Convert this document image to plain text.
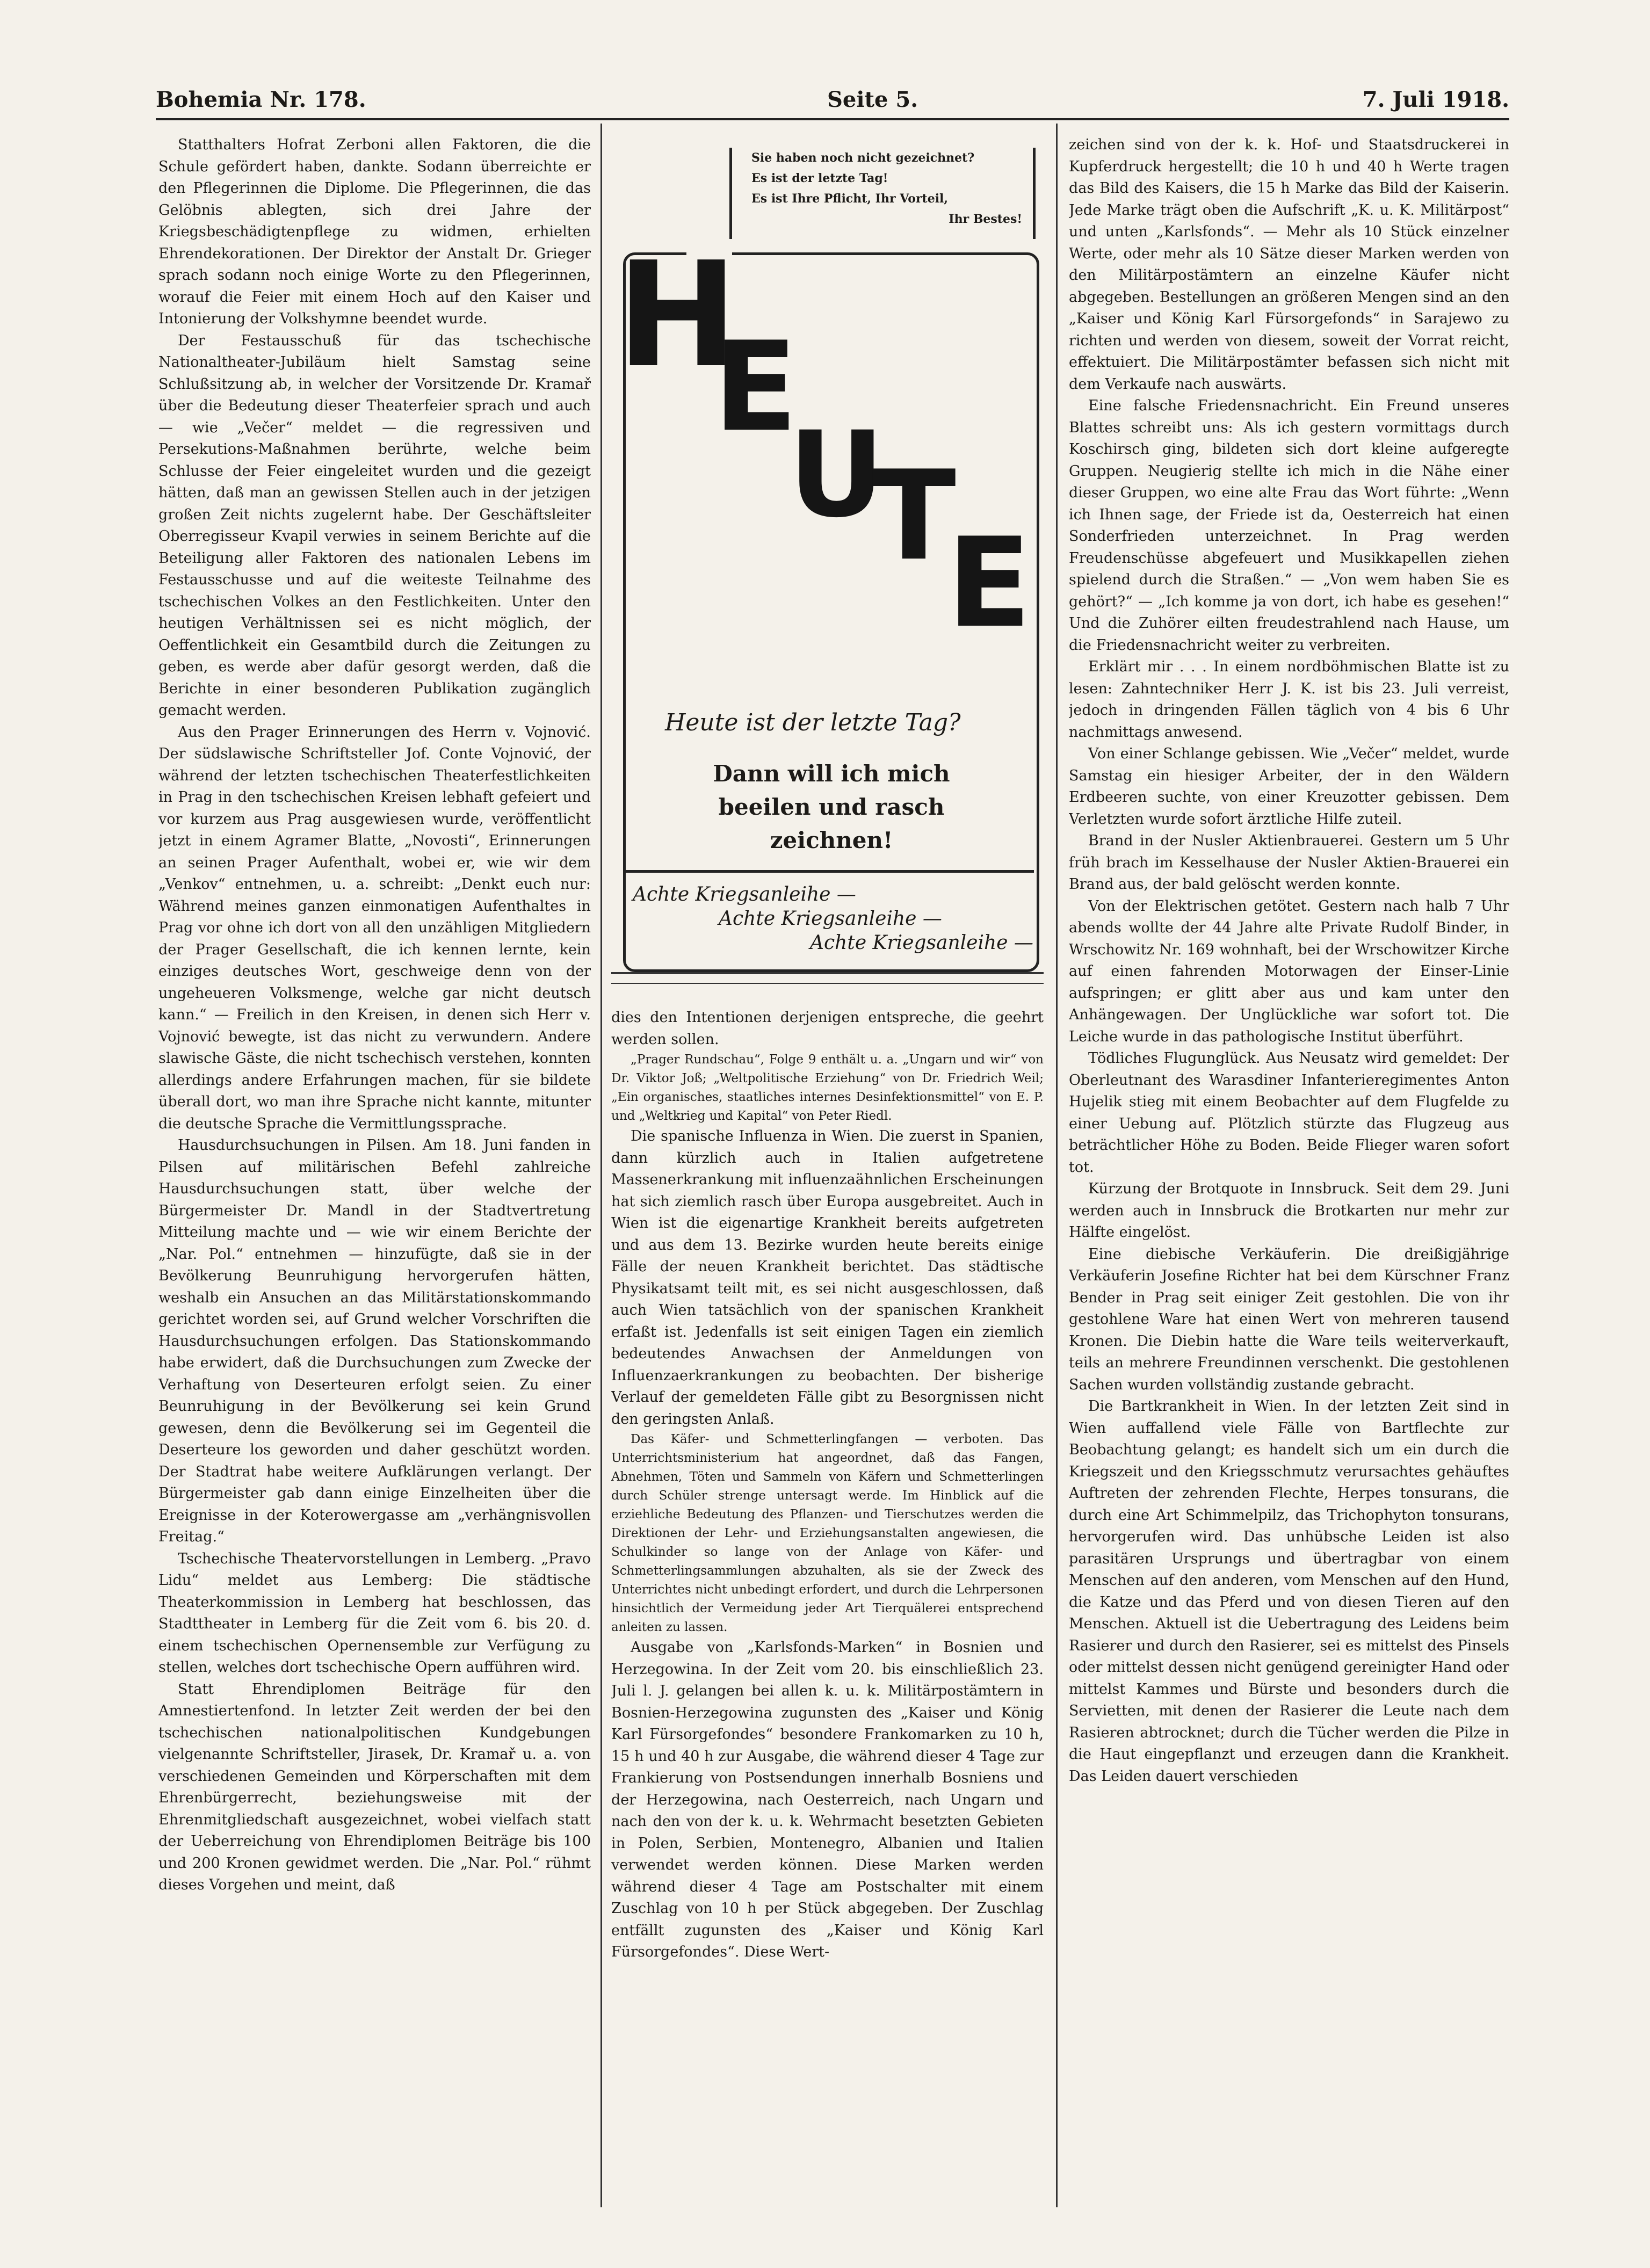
Bohemia Nr. 178.	Seite 5.	7. Juli 1918.

Statthalters Hofrat Zerboni allen Faktoren, die die Schule gefördert haben, dankte. Sodann überreichte er den Pflegerinnen die Diplome. Die Pflegerinnen, die das Gelöbnis ablegten, sich drei Jahre der Kriegsbeschädigtenpflege zu widmen, erhielten Ehrendekorationen. Der Direktor der Anstalt Dr. Grieger sprach sodann noch einige Worte zu den Pflegerinnen, worauf die Feier mit einem Hoch auf den Kaiser und Intonierung der Volkshymne beendet wurde.

Der Festausschuß für das tschechische Nationaltheater-Jubiläum hielt Samstag seine Schlußsitzung ab, in welcher der Vorsitzende Dr. Kramař über die Bedeutung dieser Theaterfeier sprach und auch — wie „Večer“ meldet — die regressiven und Persekutions-Maßnahmen berührte, welche beim Schlusse der Feier eingeleitet wurden und die gezeigt hätten, daß man an gewissen Stellen auch in der jetzigen großen Zeit nichts zugelernt habe. Der Geschäftsleiter Oberregisseur Kvapil verwies in seinem Berichte auf die Beteiligung aller Faktoren des nationalen Lebens im Festausschusse und auf die weiteste Teilnahme des tschechischen Volkes an den Festlichkeiten. Unter den heutigen Verhältnissen sei es nicht möglich, der Oeffentlichkeit ein Gesamtbild durch die Zeitungen zu geben, es werde aber dafür gesorgt werden, daß die Berichte in einer besonderen Publikation zugänglich gemacht werden.

Aus den Prager Erinnerungen des Herrn v. Vojnović. Der südslawische Schriftsteller Jof. Conte Vojnović, der während der letzten tschechischen Theaterfestlichkeiten in Prag in den tschechischen Kreisen lebhaft gefeiert und vor kurzem aus Prag ausgewiesen wurde, veröffentlicht jetzt in einem Agramer Blatte, „Novosti“, Erinnerungen an seinen Prager Aufenthalt, wobei er, wie wir dem „Venkov“ entnehmen, u. a. schreibt: „Denkt euch nur: Während meines ganzen einmonatigen Aufenthaltes in Prag vor ohne ich dort von all den unzähligen Mitgliedern der Prager Gesellschaft, die ich kennen lernte, kein einziges deutsches Wort, geschweige denn von der ungeheueren Volksmenge, welche gar nicht deutsch kann.“ — Freilich in den Kreisen, in denen sich Herr v. Vojnović bewegte, ist das nicht zu verwundern. Andere slawische Gäste, die nicht tschechisch verstehen, konnten allerdings andere Erfahrungen machen, für sie bildete überall dort, wo man ihre Sprache nicht kannte, mitunter die deutsche Sprache die Vermittlungssprache.

Hausdurchsuchungen in Pilsen. Am 18. Juni fanden in Pilsen auf militärischen Befehl zahlreiche Hausdurchsuchungen statt, über welche der Bürgermeister Dr. Mandl in der Stadtvertretung Mitteilung machte und — wie wir einem Berichte der „Nar. Pol.“ entnehmen — hinzufügte, daß sie in der Bevölkerung Beunruhigung hervorgerufen hätten, weshalb ein Ansuchen an das Militärstationskommando gerichtet worden sei, auf Grund welcher Vorschriften die Hausdurchsuchungen erfolgen. Das Stationskommando habe erwidert, daß die Durchsuchungen zum Zwecke der Verhaftung von Deserteuren erfolgt seien. Zu einer Beunruhigung in der Bevölkerung sei kein Grund gewesen, denn die Bevölkerung sei im Gegenteil die Deserteure los geworden und daher geschützt worden. Der Stadtrat habe weitere Aufklärungen verlangt. Der Bürgermeister gab dann einige Einzelheiten über die Ereignisse in der Koterowergasse am „verhängnisvollen Freitag.“

Tschechische Theatervorstellungen in Lemberg. „Pravo Lidu“ meldet aus Lemberg: Die städtische Theaterkommission in Lemberg hat beschlossen, das Stadttheater in Lemberg für die Zeit vom 6. bis 20. d. einem tschechischen Opernensemble zur Verfügung zu stellen, welches dort tschechische Opern aufführen wird.

Statt Ehrendiplomen Beiträge für den Amnestiertenfond. In letzter Zeit werden der bei den tschechischen nationalpolitischen Kundgebungen vielgenannte Schriftsteller, Jirasek, Dr. Kramař u. a. von verschiedenen Gemeinden und Körperschaften mit dem Ehrenbürgerrecht, beziehungsweise mit der Ehrenmitgliedschaft ausgezeichnet, wobei vielfach statt der Ueberreichung von Ehrendiplomen Beiträge bis 100 und 200 Kronen gewidmet werden. Die „Nar. Pol.“ rühmt dieses Vorgehen und meint, daß

Sie haben noch nicht gezeichnet?
Es ist der letzte Tag!
Es ist Ihre Pflicht, Ihr Vorteil,
Ihr Bestes!
H
E
U
T
E
Heute ist der letzte Tag?
Dann will ich mich beeilen und rasch zeichnen!
Achte Kriegsanleihe —
Achte Kriegsanleihe —
Achte Kriegsanleihe —

dies den Intentionen derjenigen entspreche, die geehrt werden sollen.

„Prager Rundschau“, Folge 9 enthält u. a. „Ungarn und wir“ von Dr. Viktor Joß; „Weltpolitische Erziehung“ von Dr. Friedrich Weil; „Ein organisches, staatliches internes Desinfektionsmittel“ von E. P. und „Weltkrieg und Kapital“ von Peter Riedl.

Die spanische Influenza in Wien. Die zuerst in Spanien, dann kürzlich auch in Italien aufgetretene Massenerkrankung mit influenzaähnlichen Erscheinungen hat sich ziemlich rasch über Europa ausgebreitet. Auch in Wien ist die eigenartige Krankheit bereits aufgetreten und aus dem 13. Bezirke wurden heute bereits einige Fälle der neuen Krankheit berichtet. Das städtische Physikatsamt teilt mit, es sei nicht ausgeschlossen, daß auch Wien tatsächlich von der spanischen Krankheit erfaßt ist. Jedenfalls ist seit einigen Tagen ein ziemlich bedeutendes Anwachsen der Anmeldungen von Influenzaerkrankungen zu beobachten. Der bisherige Verlauf der gemeldeten Fälle gibt zu Besorgnissen nicht den geringsten Anlaß.

Das Käfer- und Schmetterlingfangen — verboten. Das Unterrichtsministerium hat angeordnet, daß das Fangen, Abnehmen, Töten und Sammeln von Käfern und Schmetterlingen durch Schüler strenge untersagt werde. Im Hinblick auf die erziehliche Bedeutung des Pflanzen- und Tierschutzes werden die Direktionen der Lehr- und Erziehungsanstalten angewiesen, die Schulkinder so lange von der Anlage von Käfer- und Schmetterlingsammlungen abzuhalten, als sie der Zweck des Unterrichtes nicht unbedingt erfordert, und durch die Lehrpersonen hinsichtlich der Vermeidung jeder Art Tierquälerei entsprechend anleiten zu lassen.

Ausgabe von „Karlsfonds-Marken“ in Bosnien und Herzegowina. In der Zeit vom 20. bis einschließlich 23. Juli l. J. gelangen bei allen k. u. k. Militärpostämtern in Bosnien-Herzegowina zugunsten des „Kaiser und König Karl Fürsorgefondes“ besondere Frankomarken zu 10 h, 15 h und 40 h zur Ausgabe, die während dieser 4 Tage zur Frankierung von Postsendungen innerhalb Bosniens und der Herzegowina, nach Oesterreich, nach Ungarn und nach den von der k. u. k. Wehrmacht besetzten Gebieten in Polen, Serbien, Montenegro, Albanien und Italien verwendet werden können. Diese Marken werden während dieser 4 Tage am Postschalter mit einem Zuschlag von 10 h per Stück abgegeben. Der Zuschlag entfällt zugunsten des „Kaiser und König Karl Fürsorgefondes“. Diese Wert-

zeichen sind von der k. k. Hof- und Staatsdruckerei in Kupferdruck hergestellt; die 10 h und 40 h Werte tragen das Bild des Kaisers, die 15 h Marke das Bild der Kaiserin. Jede Marke trägt oben die Aufschrift „K. u. K. Militärpost“ und unten „Karlsfonds“. — Mehr als 10 Stück einzelner Werte, oder mehr als 10 Sätze dieser Marken werden von den Militärpostämtern an einzelne Käufer nicht abgegeben. Bestellungen an größeren Mengen sind an den „Kaiser und König Karl Fürsorgefonds“ in Sarajewo zu richten und werden von diesem, soweit der Vorrat reicht, effektuiert. Die Militärpostämter befassen sich nicht mit dem Verkaufe nach auswärts.

Eine falsche Friedensnachricht. Ein Freund unseres Blattes schreibt uns: Als ich gestern vormittags durch Koschirsch ging, bildeten sich dort kleine aufgeregte Gruppen. Neugierig stellte ich mich in die Nähe einer dieser Gruppen, wo eine alte Frau das Wort führte: „Wenn ich Ihnen sage, der Friede ist da, Oesterreich hat einen Sonderfrieden unterzeichnet. In Prag werden Freudenschüsse abgefeuert und Musikkapellen ziehen spielend durch die Straßen.“ — „Von wem haben Sie es gehört?“ — „Ich komme ja von dort, ich habe es gesehen!“ Und die Zuhörer eilten freudestrahlend nach Hause, um die Friedensnachricht weiter zu verbreiten.

Erklärt mir . . . In einem nordböhmischen Blatte ist zu lesen: Zahntechniker Herr J. K. ist bis 23. Juli verreist, jedoch in dringenden Fällen täglich von 4 bis 6 Uhr nachmittags anwesend.

Von einer Schlange gebissen. Wie „Večer“ meldet, wurde Samstag ein hiesiger Arbeiter, der in den Wäldern Erdbeeren suchte, von einer Kreuzotter gebissen. Dem Verletzten wurde sofort ärztliche Hilfe zuteil.

Brand in der Nusler Aktienbrauerei. Gestern um 5 Uhr früh brach im Kesselhause der Nusler Aktien-Brauerei ein Brand aus, der bald gelöscht werden konnte.

Von der Elektrischen getötet. Gestern nach halb 7 Uhr abends wollte der 44 Jahre alte Private Rudolf Binder, in Wrschowitz Nr. 169 wohnhaft, bei der Wrschowitzer Kirche auf einen fahrenden Motorwagen der Einser-Linie aufspringen; er glitt aber aus und kam unter den Anhängewagen. Der Unglückliche war sofort tot. Die Leiche wurde in das pathologische Institut überführt.

Tödliches Flugunglück. Aus Neusatz wird gemeldet: Der Oberleutnant des Warasdiner Infanterieregimentes Anton Hujelik stieg mit einem Beobachter auf dem Flugfelde zu einer Uebung auf. Plötzlich stürzte das Flugzeug aus beträchtlicher Höhe zu Boden. Beide Flieger waren sofort tot.

Kürzung der Brotquote in Innsbruck. Seit dem 29. Juni werden auch in Innsbruck die Brotkarten nur mehr zur Hälfte eingelöst.

Eine diebische Verkäuferin. Die dreißigjährige Verkäuferin Josefine Richter hat bei dem Kürschner Franz Bender in Prag seit einiger Zeit gestohlen. Die von ihr gestohlene Ware hat einen Wert von mehreren tausend Kronen. Die Diebin hatte die Ware teils weiterverkauft, teils an mehrere Freundinnen verschenkt. Die gestohlenen Sachen wurden vollständig zustande gebracht.

Die Bartkrankheit in Wien. In der letzten Zeit sind in Wien auffallend viele Fälle von Bartflechte zur Beobachtung gelangt; es handelt sich um ein durch die Kriegszeit und den Kriegsschmutz verursachtes gehäuftes Auftreten der zehrenden Flechte, Herpes tonsurans, die durch eine Art Schimmelpilz, das Trichophyton tonsurans, hervorgerufen wird. Das unhübsche Leiden ist also parasitären Ursprungs und übertragbar von einem Menschen auf den anderen, vom Menschen auf den Hund, die Katze und das Pferd und von diesen Tieren auf den Menschen. Aktuell ist die Uebertragung des Leidens beim Rasierer und durch den Rasierer, sei es mittelst des Pinsels oder mittelst dessen nicht genügend gereinigter Hand oder mittelst Kammes und Bürste und besonders durch die Servietten, mit denen der Rasierer die Leute nach dem Rasieren abtrocknet; durch die Tücher werden die Pilze in die Haut eingepflanzt und erzeugen dann die Krankheit. Das Leiden dauert verschieden
